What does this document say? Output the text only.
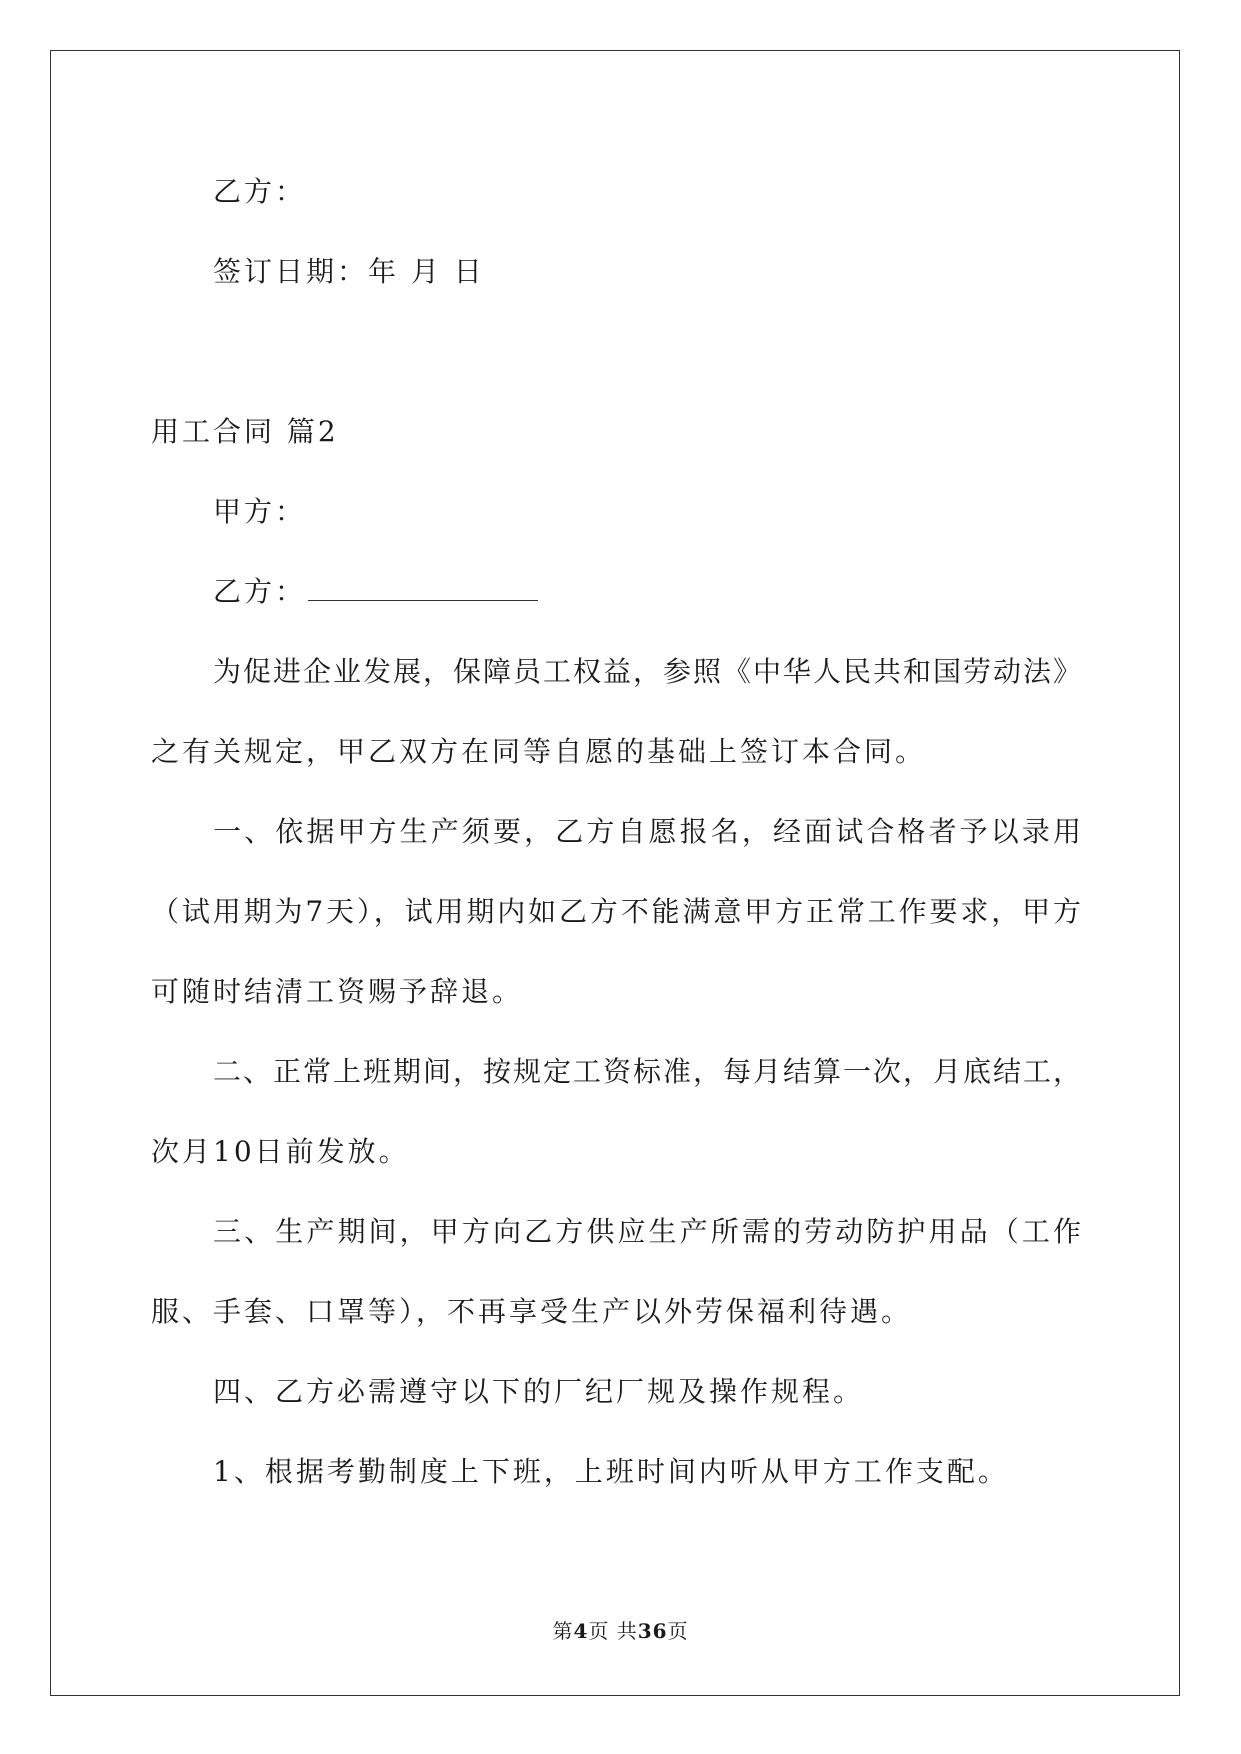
乙方：
签订日期：年 月 日
用工合同 篇2
甲方：
乙方：
为促进企业发展，保障员工权益，参照《中华人民共和国劳动法》
之有关规定，甲乙双方在同等自愿的基础上签订本合同。
一、依据甲方生产须要，乙方自愿报名，经面试合格者予以录用
（试用期为7天），试用期内如乙方不能满意甲方正常工作要求，甲方
可随时结清工资赐予辞退。
二、正常上班期间，按规定工资标准，每月结算一次，月底结工，
次月10日前发放。
三、生产期间，甲方向乙方供应生产所需的劳动防护用品（工作
服、手套、口罩等），不再享受生产以外劳保福利待遇。
四、乙方必需遵守以下的厂纪厂规及操作规程。
1、根据考勤制度上下班，上班时间内听从甲方工作支配。
第4页 共36页
